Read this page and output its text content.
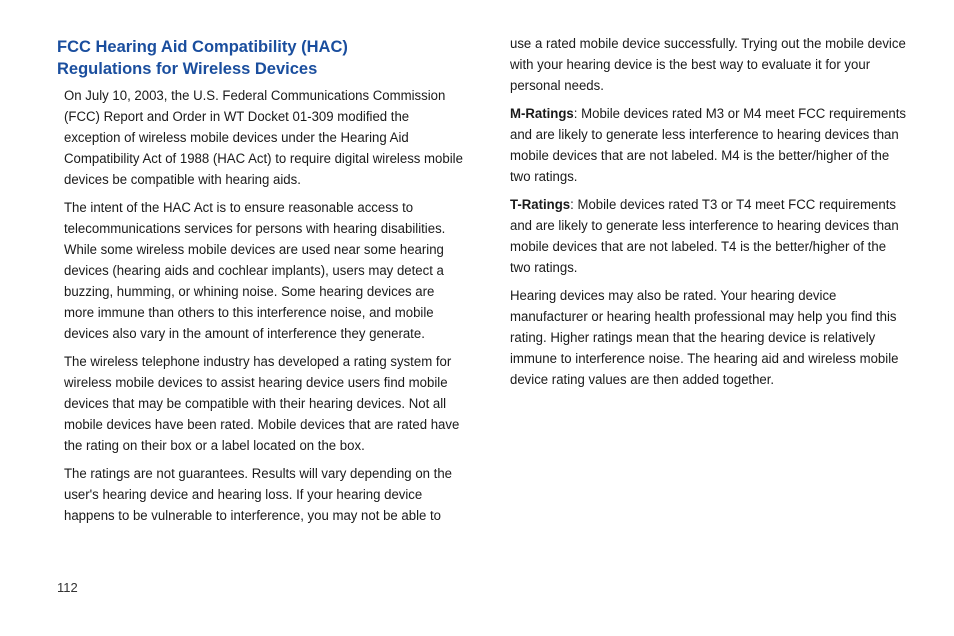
FCC Hearing Aid Compatibility (HAC)
Regulations for Wireless Devices

On July 10, 2003, the U.S. Federal Communications Commission (FCC) Report and Order in WT Docket 01-309 modified the exception of wireless mobile devices under the Hearing Aid Compatibility Act of 1988 (HAC Act) to require digital wireless mobile devices be compatible with hearing aids.

The intent of the HAC Act is to ensure reasonable access to telecommunications services for persons with hearing disabilities. While some wireless mobile devices are used near some hearing devices (hearing aids and cochlear implants), users may detect a buzzing, humming, or whining noise. Some hearing devices are more immune than others to this interference noise, and mobile devices also vary in the amount of interference they generate.

The wireless telephone industry has developed a rating system for wireless mobile devices to assist hearing device users find mobile devices that may be compatible with their hearing devices. Not all mobile devices have been rated. Mobile devices that are rated have the rating on their box or a label located on the box.

The ratings are not guarantees. Results will vary depending on the user's hearing device and hearing loss. If your hearing device happens to be vulnerable to interference, you may not be able to

use a rated mobile device successfully. Trying out the mobile device with your hearing device is the best way to evaluate it for your personal needs.

M-Ratings: Mobile devices rated M3 or M4 meet FCC requirements and are likely to generate less interference to hearing devices than mobile devices that are not labeled. M4 is the better/higher of the two ratings.

T-Ratings: Mobile devices rated T3 or T4 meet FCC requirements and are likely to generate less interference to hearing devices than mobile devices that are not labeled. T4 is the better/higher of the two ratings.

Hearing devices may also be rated. Your hearing device manufacturer or hearing health professional may help you find this rating. Higher ratings mean that the hearing device is relatively immune to interference noise. The hearing aid and wireless mobile device rating values are then added together.

112
